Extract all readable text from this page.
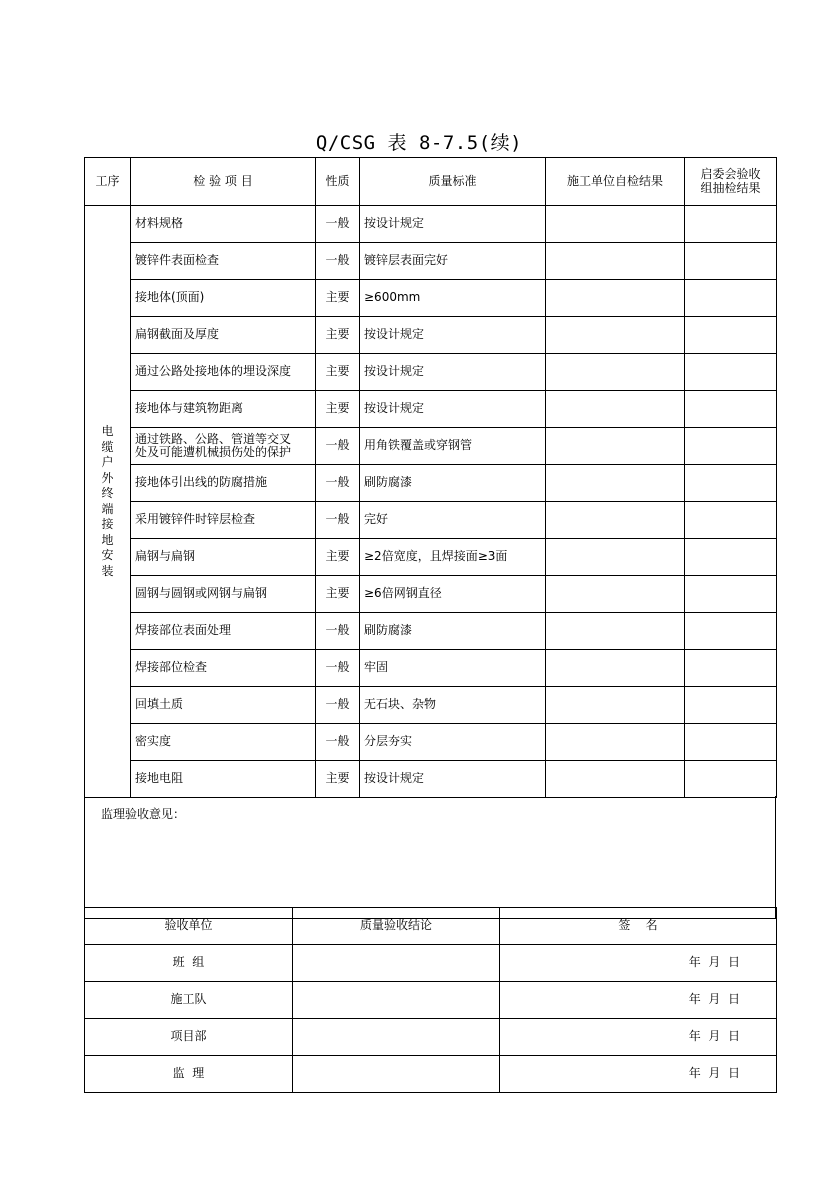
Q/CSG 表 8-7.5(续)
工序	检 验 项 目	性质	质量标准	施工单位自检结果	启委会验收
组抽检结果

电缆户外终端接地安装	材料规格	一般	按设计规定		
	镀锌件表面检查	一般	镀锌层表面完好		
	接地体(顶面)	主要	≥600mm		
	扁钢截面及厚度	主要	按设计规定		
	通过公路处接地体的埋设深度	主要	按设计规定		
	接地体与建筑物距离	主要	按设计规定		

	通过铁路、公路、管道等交叉
处及可能遭机械损伤处的保护	一般	用角铁覆盖或穿钢管		
	接地体引出线的防腐措施	一般	刷防腐漆		
	采用镀锌件时锌层检查	一般	完好		
	扁钢与扁钢	主要	≥2倍宽度，且焊接面≥3面		
	圆钢与圆钢或网钢与扁钢	主要	≥6倍网钢直径		
	焊接部位表面处理	一般	刷防腐漆		
	焊接部位检查	一般	牢固		
	回填土质	一般	无石块、杂物		
	密实度	一般	分层夯实		
	接地电阻	主要	按设计规定		
监理验收意见：
验收单位	质量验收结论	签    名
班  组		年  月  日
施工队		年  月  日
项目部		年  月  日
监  理		年  月  日
